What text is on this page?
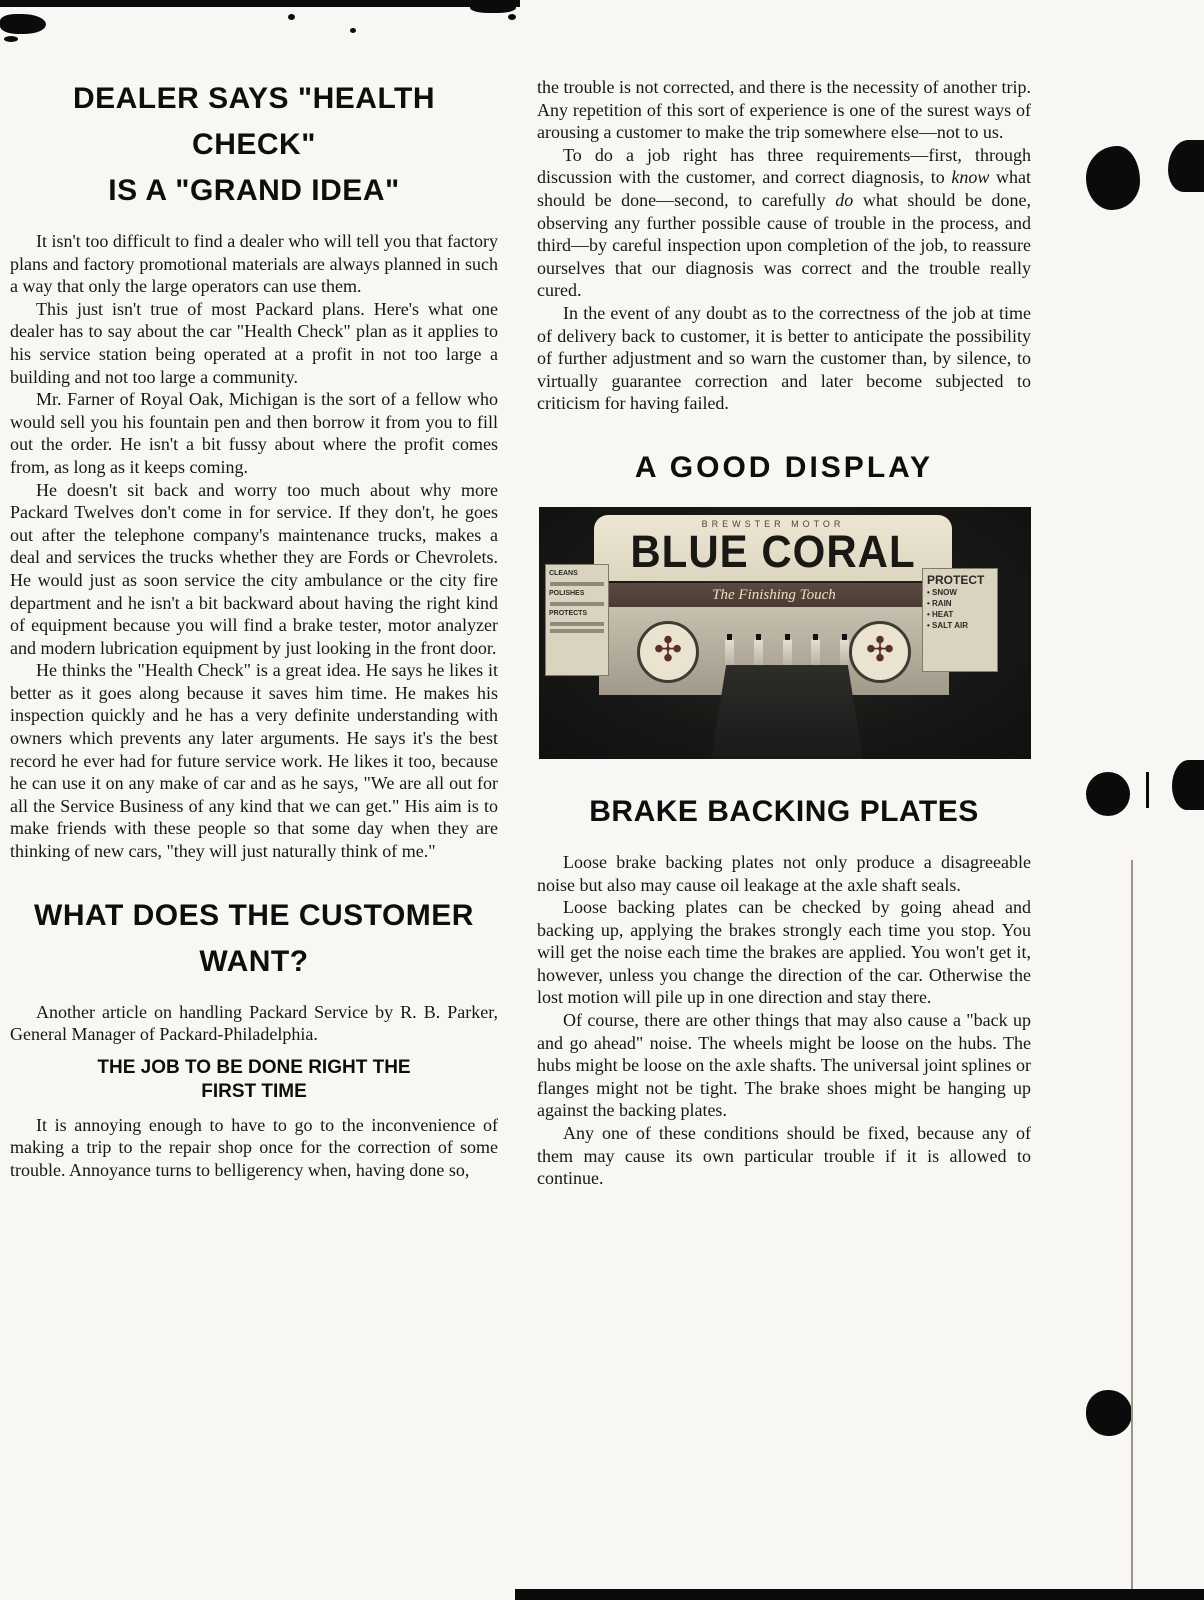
DEALER SAYS "HEALTH CHECK"
IS A "GRAND IDEA"

It isn't too difficult to find a dealer who will tell you that factory plans and factory promotional materials are always planned in such a way that only the large operators can use them.

This just isn't true of most Packard plans. Here's what one dealer has to say about the car "Health Check" plan as it applies to his service station being operated at a profit in not too large a building and not too large a community.

Mr. Farner of Royal Oak, Michigan is the sort of a fellow who would sell you his fountain pen and then borrow it from you to fill out the order. He isn't a bit fussy about where the profit comes from, as long as it keeps coming.

He doesn't sit back and worry too much about why more Packard Twelves don't come in for service. If they don't, he goes out after the telephone company's maintenance trucks, makes a deal and services the trucks whether they are Fords or Chevrolets. He would just as soon service the city ambulance or the city fire department and he isn't a bit backward about having the right kind of equipment because you will find a brake tester, motor analyzer and modern lubrication equipment by just looking in the front door.

He thinks the "Health Check" is a great idea. He says he likes it better as it goes along because it saves him time. He makes his inspection quickly and he has a very definite understanding with owners which prevents any later arguments. He says it's the best record he ever had for future service work. He likes it too, because he can use it on any make of car and as he says, "We are all out for all the Service Business of any kind that we can get." His aim is to make friends with these people so that some day when they are thinking of new cars, "they will just naturally think of me."

WHAT DOES THE CUSTOMER
WANT?

Another article on handling Packard Service by R. B. Parker, General Manager of Packard-Philadelphia.

THE JOB TO BE DONE RIGHT THE
FIRST TIME

It is annoying enough to have to go to the inconvenience of making a trip to the repair shop once for the correction of some trouble. Annoyance turns to belligerency when, having done so,

the trouble is not corrected, and there is the necessity of another trip. Any repetition of this sort of experience is one of the surest ways of arousing a customer to make the trip somewhere else—not to us.

To do a job right has three requirements—first, through discussion with the customer, and correct diagnosis, to know what should be done—second, to carefully do what should be done, observing any further possible cause of trouble in the process, and third—by careful inspection upon completion of the job, to reassure ourselves that our diagnosis was correct and the trouble really cured.

In the event of any doubt as to the correctness of the job at time of delivery back to customer, it is better to anticipate the possibility of further adjustment and so warn the customer than, by silence, to virtually guarantee correction and later become subjected to criticism for having failed.

A GOOD DISPLAY
BREWSTER MOTOR
BLUE CORAL
The Finishing Touch
✣	✣
CLEANS
POLISHES
PROTECTS
PROTECT
• SNOW
• RAIN
• HEAT
• SALT AIR
BRAKE BACKING PLATES

Loose brake backing plates not only produce a disagreeable noise but also may cause oil leakage at the axle shaft seals.

Loose backing plates can be checked by going ahead and backing up, applying the brakes strongly each time you stop. You will get the noise each time the brakes are applied. You won't get it, however, unless you change the direction of the car. Otherwise the lost motion will pile up in one direction and stay there.

Of course, there are other things that may also cause a "back up and go ahead" noise. The wheels might be loose on the hubs. The hubs might be loose on the axle shafts. The universal joint splines or flanges might not be tight. The brake shoes might be hanging up against the backing plates.

Any one of these conditions should be fixed, because any of them may cause its own particular trouble if it is allowed to continue.
